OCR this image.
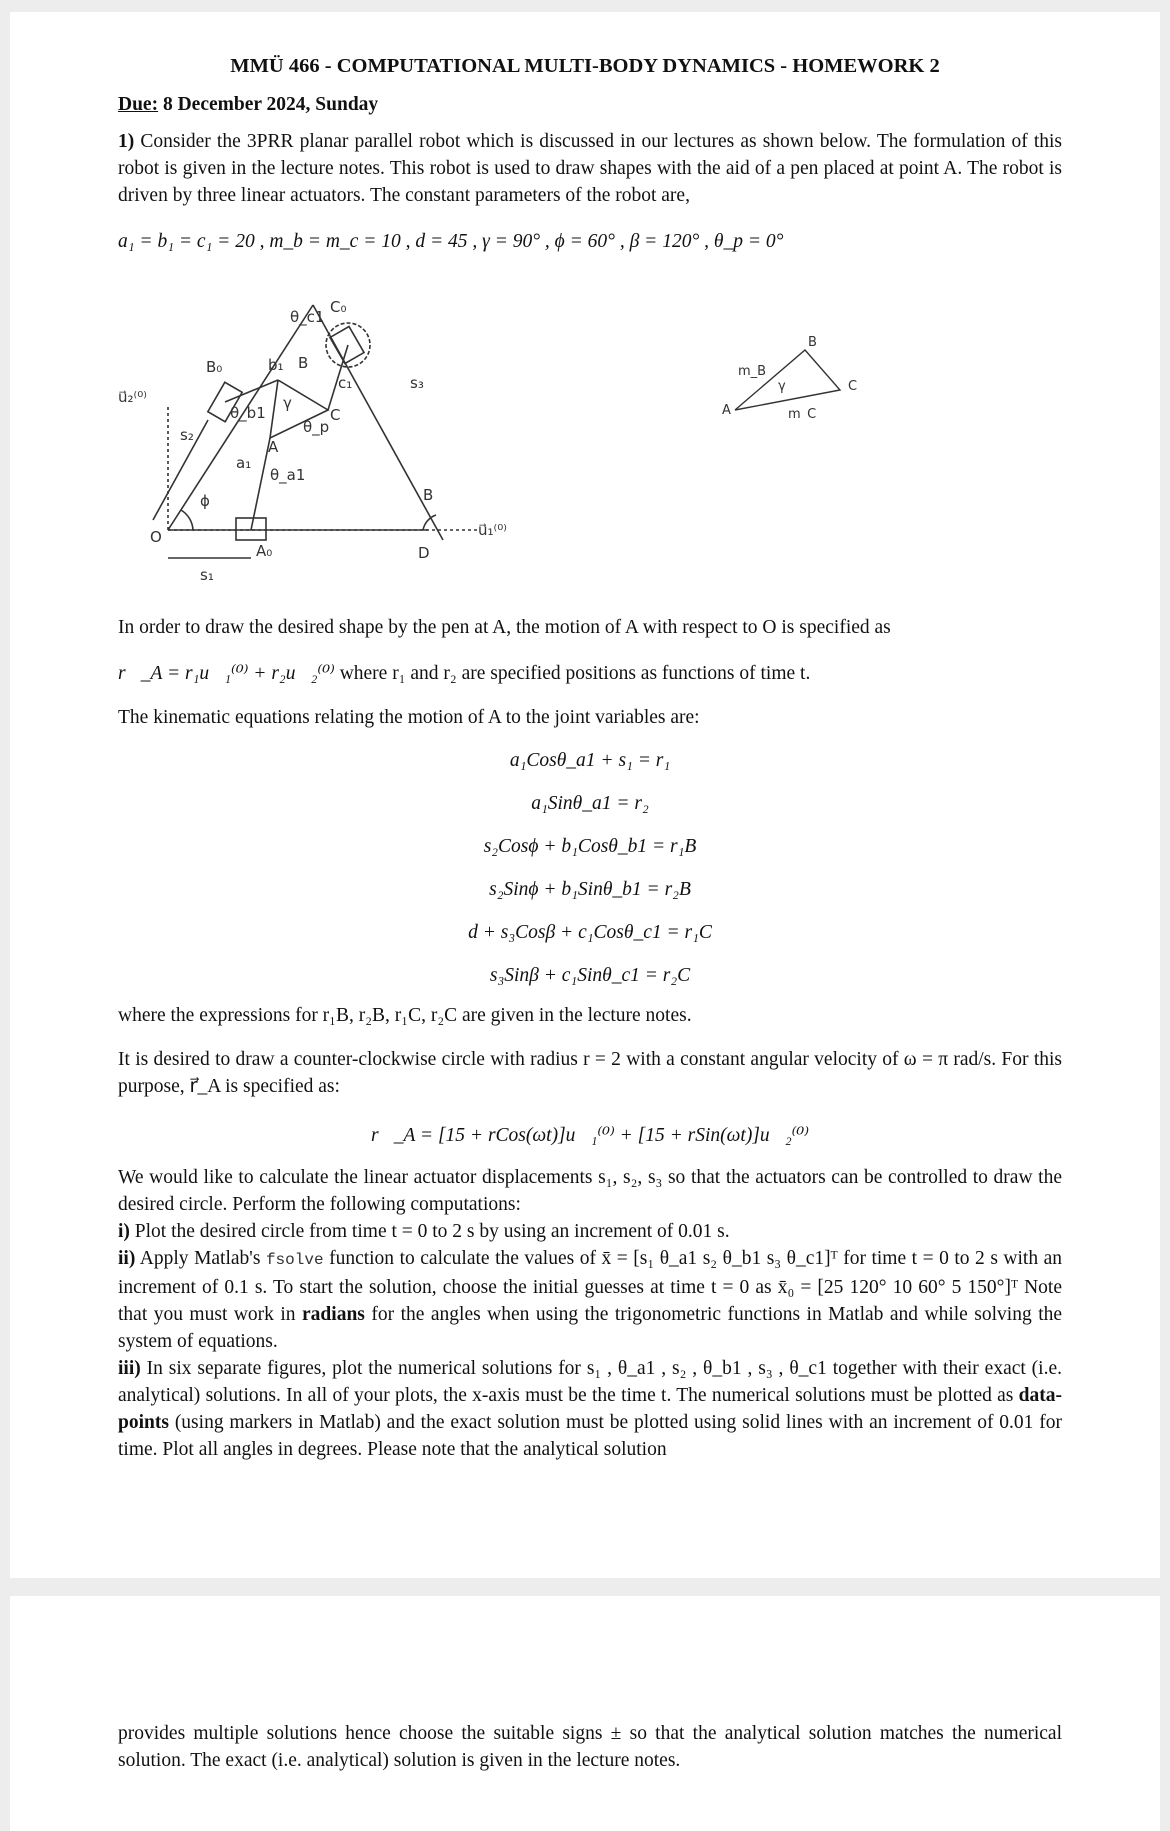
MMÜ 466 - COMPUTATIONAL MULTI-BODY DYNAMICS - HOMEWORK 2
Due: 8 December 2024, Sunday

1) Consider the 3PRR planar parallel robot which is discussed in our lectures as shown below. The formulation of this robot is given in the lecture notes. This robot is used to draw shapes with the aid of a pen placed at point A. The robot is driven by three linear actuators. The constant parameters of the robot are,

a₁ = b₁ = c₁ = 20 , m_b = m_c = 10 , d = 45 , γ = 90° , ϕ = 60° , β = 120° , θ_p = 0°
B₀	b₁ B
C₀
θ_c1
c₁
C
θ_p
s₃
A
a₁
θ_a1
θ_b1
γ
s₂
ϕ
O
A₀
s₁
D
B
u⃗₁⁽⁰⁾
u⃗₂⁽⁰⁾
m_B
B
γ	C
A	m_C
In order to draw the desired shape by the pen at A, the motion of A with respect to O is specified as
r⃗_A = r₁u⃗₁⁽⁰⁾ + r₂u⃗₂⁽⁰⁾ where r₁ and r₂ are specified positions as functions of time t.
The kinematic equations relating the motion of A to the joint variables are:
a₁Cosθ_a1 + s₁ = r₁
a₁Sinθ_a1 = r₂
s₂Cosϕ + b₁Cosθ_b1 = r₁B
s₂Sinϕ + b₁Sinθ_b1 = r₂B
d + s₃Cosβ + c₁Cosθ_c1 = r₁C
s₃Sinβ + c₁Sinθ_c1 = r₂C
where the expressions for r₁B, r₂B, r₁C, r₂C are given in the lecture notes.
It is desired to draw a counter-clockwise circle with radius r = 2 with a constant angular velocity of ω = π rad/s. For this purpose, r⃗_A is specified as:
r⃗_A = [15 + rCos(ωt)]u⃗₁⁽⁰⁾ + [15 + rSin(ωt)]u⃗₂⁽⁰⁾
We would like to calculate the linear actuator displacements s₁, s₂, s₃ so that the actuators can be controlled to draw the desired circle. Perform the following computations:
i) Plot the desired circle from time t = 0 to 2 s by using an increment of 0.01 s.
ii) Apply Matlab's fsolve function to calculate the values of x̄ = [s₁ θ_a1 s₂ θ_b1 s₃ θ_c1]ᵀ for time t = 0 to 2 s with an increment of 0.1 s. To start the solution, choose the initial guesses at time t = 0 as x̄₀ = [25 120° 10 60° 5 150°]ᵀ Note that you must work in radians for the angles when using the trigonometric functions in Matlab and while solving the system of equations.
iii) In six separate figures, plot the numerical solutions for s₁ , θ_a1 , s₂ , θ_b1 , s₃ , θ_c1 together with their exact (i.e. analytical) solutions. In all of your plots, the x-axis must be the time t. The numerical solutions must be plotted as data-points (using markers in Matlab) and the exact solution must be plotted using solid lines with an increment of 0.01 for time. Plot all angles in degrees. Please note that the analytical solution
provides multiple solutions hence choose the suitable signs ± so that the analytical solution matches the numerical solution. The exact (i.e. analytical) solution is given in the lecture notes.
